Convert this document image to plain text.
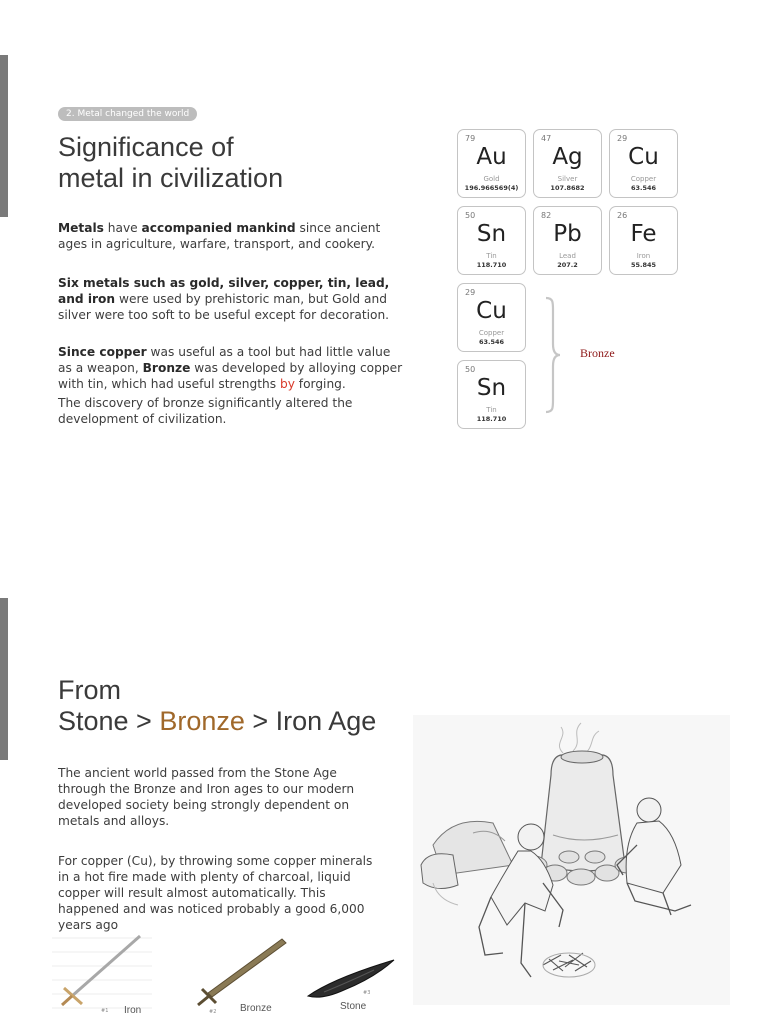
2. Metal changed the world
Significance of
metal in civilization
Metals have accompanied mankind since ancient ages in agriculture, warfare, transport, and cookery.
Six metals such as gold, silver, copper, tin, lead, and iron were used by prehistoric man, but Gold and silver were too soft to be useful except for decoration.
Since copper was useful as a tool but had little value as a weapon, Bronze was developed by alloying copper with tin, which had useful strengths by forging.
The discovery of bronze significantly altered the development of civilization.
79
Au
Gold
196.966569(4)
47
Ag
Silver
107.8682
29
Cu
Copper
63.546
50
Sn
Tin
118.710
82
Pb
Lead
207.2
26
Fe
Iron
55.845
29
Cu
Copper
63.546
50
Sn
Tin
118.710
Bronze
From
Stone > Bronze > Iron Age
The ancient world passed from the Stone Age through the Bronze and Iron ages to our modern developed society being strongly dependent on metals and alloys.
For copper (Cu), by throwing some copper minerals in a hot fire made with plenty of charcoal, liquid copper will result almost automatically. This happened and was noticed probably a good 6,000 years ago
#1 Iron	#2 Bronze
#3
Stone
